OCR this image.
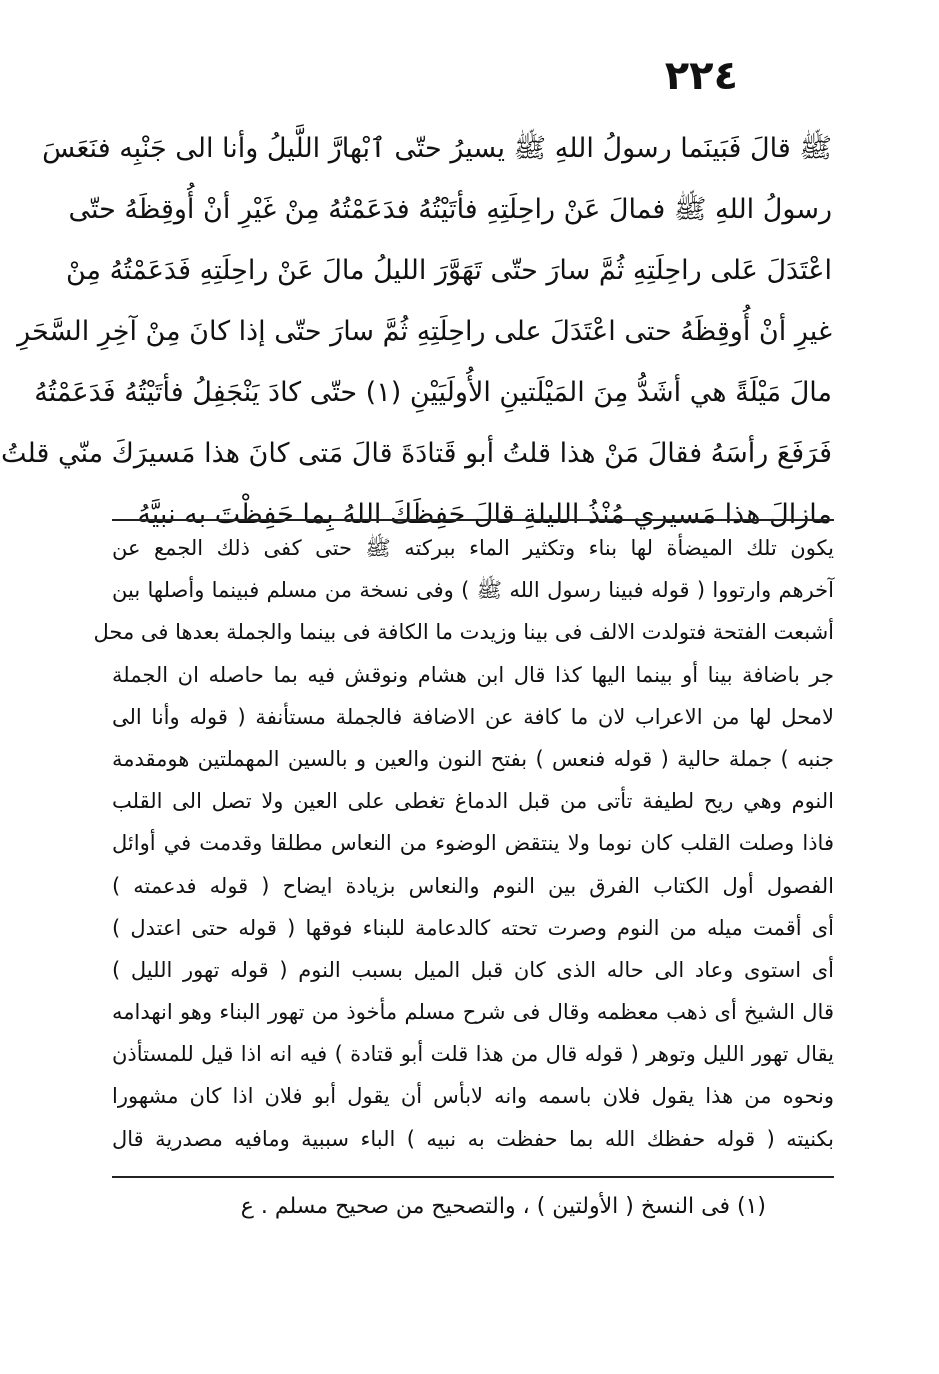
٢٢٤
ﷺ قالَ فَبَينَما رسولُ اللهِ ﷺ يسيرُ حتّى ٱبْهارَّ اللَّيلُ وأنا الى جَنْبِه فنَعَسَ
رسولُ اللهِ ﷺ فمالَ عَنْ راحِلَتِهِ فأتَيْتُهُ فدَعَمْتُهُ مِنْ غَيْرِ أنْ أُوقِظَهُ حتّى
اعْتَدَلَ عَلى راحِلَتِهِ ثُمَّ سارَ حتّى تَهَوَّرَ الليلُ مالَ عَنْ راحِلَتِهِ فَدَعَمْتُهُ مِنْ
غيرِ أنْ أُوقِظَهُ حتى اعْتَدَلَ على راحِلَتِهِ ثُمَّ سارَ حتّى إذا كانَ مِنْ آخِرِ السَّحَرِ
مالَ مَيْلَةً هي أشَدُّ مِنَ المَيْلَتينِ الأُولَيَيْنِ (١) حتّى كادَ يَنْجَفِلُ فأتَيْتُهُ فَدَعَمْتُهُ
فَرَفَعَ رأسَهُ فقالَ مَنْ هذا قلتُ أبو قَتادَةَ قالَ مَتى كانَ هذا مَسيرَكَ منّي قلتُ
مازالَ هذا مَسيري مُنْذُ الليلةِ قالَ حَفِظَكَ اللهُ بِما حَفِظْتَ به نبيَّهُ
يكون تلك الميضأة لها بناء وتكثير الماء ببركته ﷺ حتى كفى ذلك الجمع عن
آخرهم وارتووا ( قوله فبينا رسول الله ﷺ ) وفى نسخة من مسلم فبينما وأصلها بين
أشبعت الفتحة فتولدت الالف فى بينا وزيدت ما الكافة فى بينما والجملة بعدها فى محل
جر باضافة بينا أو بينما اليها كذا قال ابن هشام ونوقش فيه بما حاصله ان الجملة
لامحل لها من الاعراب لان ما كافة عن الاضافة فالجملة مستأنفة ( قوله وأنا الى
جنبه ) جملة حالية ( قوله فنعس ) بفتح النون والعين و بالسين المهملتين هومقدمة
النوم وهي ريح لطيفة تأتى من قبل الدماغ تغطى على العين ولا تصل الى القلب
فاذا وصلت القلب كان نوما ولا ينتقض الوضوء من النعاس مطلقا وقدمت في أوائل
الفصول أول الكتاب الفرق بين النوم والنعاس بزيادة ايضاح ( قوله فدعمته )
أى أقمت ميله من النوم وصرت تحته كالدعامة للبناء فوقها ( قوله حتى اعتدل )
أى استوى وعاد الى حاله الذى كان قبل الميل بسبب النوم ( قوله تهور الليل )
قال الشيخ أى ذهب معظمه وقال فى شرح مسلم مأخوذ من تهور البناء وهو انهدامه
يقال تهور الليل وتوهر ( قوله قال من هذا قلت أبو قتادة ) فيه انه اذا قيل للمستأذن
ونحوه من هذا يقول فلان باسمه وانه لابأس أن يقول أبو فلان اذا كان مشهورا
بكنيته ( قوله حفظك الله بما حفظت به نبيه ) الباء سببية ومافيه مصدرية قال
(١) فى النسخ ( الأولتين ) ، والتصحيح من صحيح مسلم . ع
